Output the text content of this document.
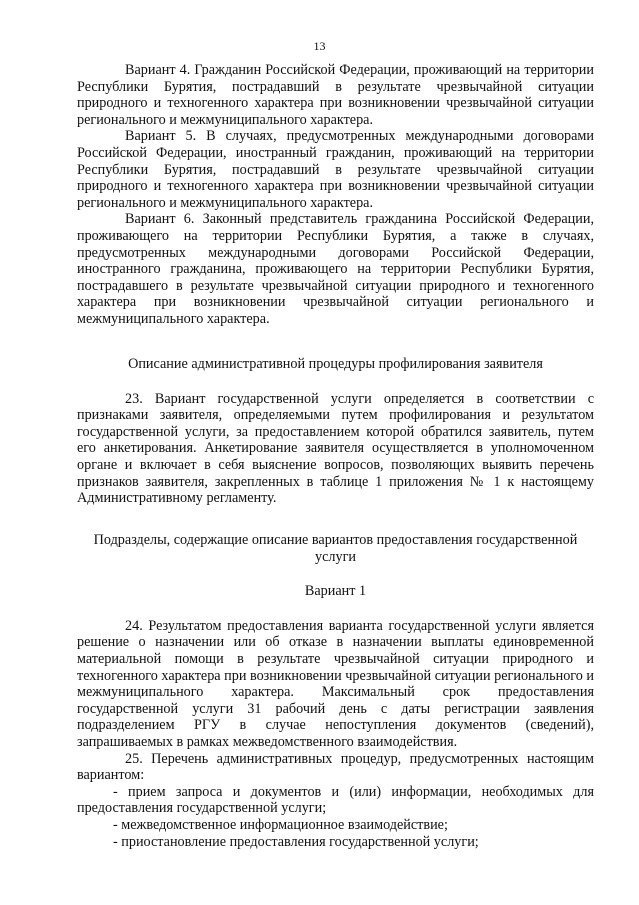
13

Вариант 4. Гражданин Российской Федерации, проживающий на территории Республики Бурятия, пострадавший в результате чрезвычайной ситуации природного и техногенного характера при возникновении чрезвычайной ситуации регионального и межмуниципального характера.

Вариант 5. В случаях, предусмотренных международными договорами Российской Федерации, иностранный гражданин, проживающий на территории Республики Бурятия, пострадавший в результате чрезвычайной ситуации природного и техногенного характера при возникновении чрезвычайной ситуации регионального и межмуниципального характера.

Вариант 6. Законный представитель гражданина Российской Федерации, проживающего на территории Республики Бурятия, а также в случаях, предусмотренных международными договорами Российской Федерации, иностранного гражданина, проживающего на территории Республики Бурятия, пострадавшего в результате чрезвычайной ситуации природного и техногенного характера при возникновении чрезвычайной ситуации регионального и межмуниципального характера.

Описание административной процедуры профилирования заявителя

23. Вариант государственной услуги определяется в соответствии с признаками заявителя, определяемыми путем профилирования и результатом государственной услуги, за предоставлением которой обратился заявитель, путем его анкетирования. Анкетирование заявителя осуществляется в уполномоченном органе и включает в себя выяснение вопросов, позволяющих выявить перечень признаков заявителя, закрепленных в таблице 1 приложения № 1 к настоящему Административному регламенту.

Подразделы, содержащие описание вариантов предоставления государственной услуги

Вариант 1

24. Результатом предоставления варианта государственной услуги является решение о назначении или об отказе в назначении выплаты единовременной материальной помощи в результате чрезвычайной ситуации природного и техногенного характера при возникновении чрезвычайной ситуации регионального и межмуниципального характера. Максимальный срок предоставления государственной услуги 31 рабочий день с даты регистрации заявления подразделением РГУ в случае непоступления документов (сведений), запрашиваемых в рамках межведомственного взаимодействия.

25. Перечень административных процедур, предусмотренных настоящим вариантом:

- прием запроса и документов и (или) информации, необходимых для предоставления государственной услуги;

- межведомственное информационное взаимодействие;

- приостановление предоставления государственной услуги;
